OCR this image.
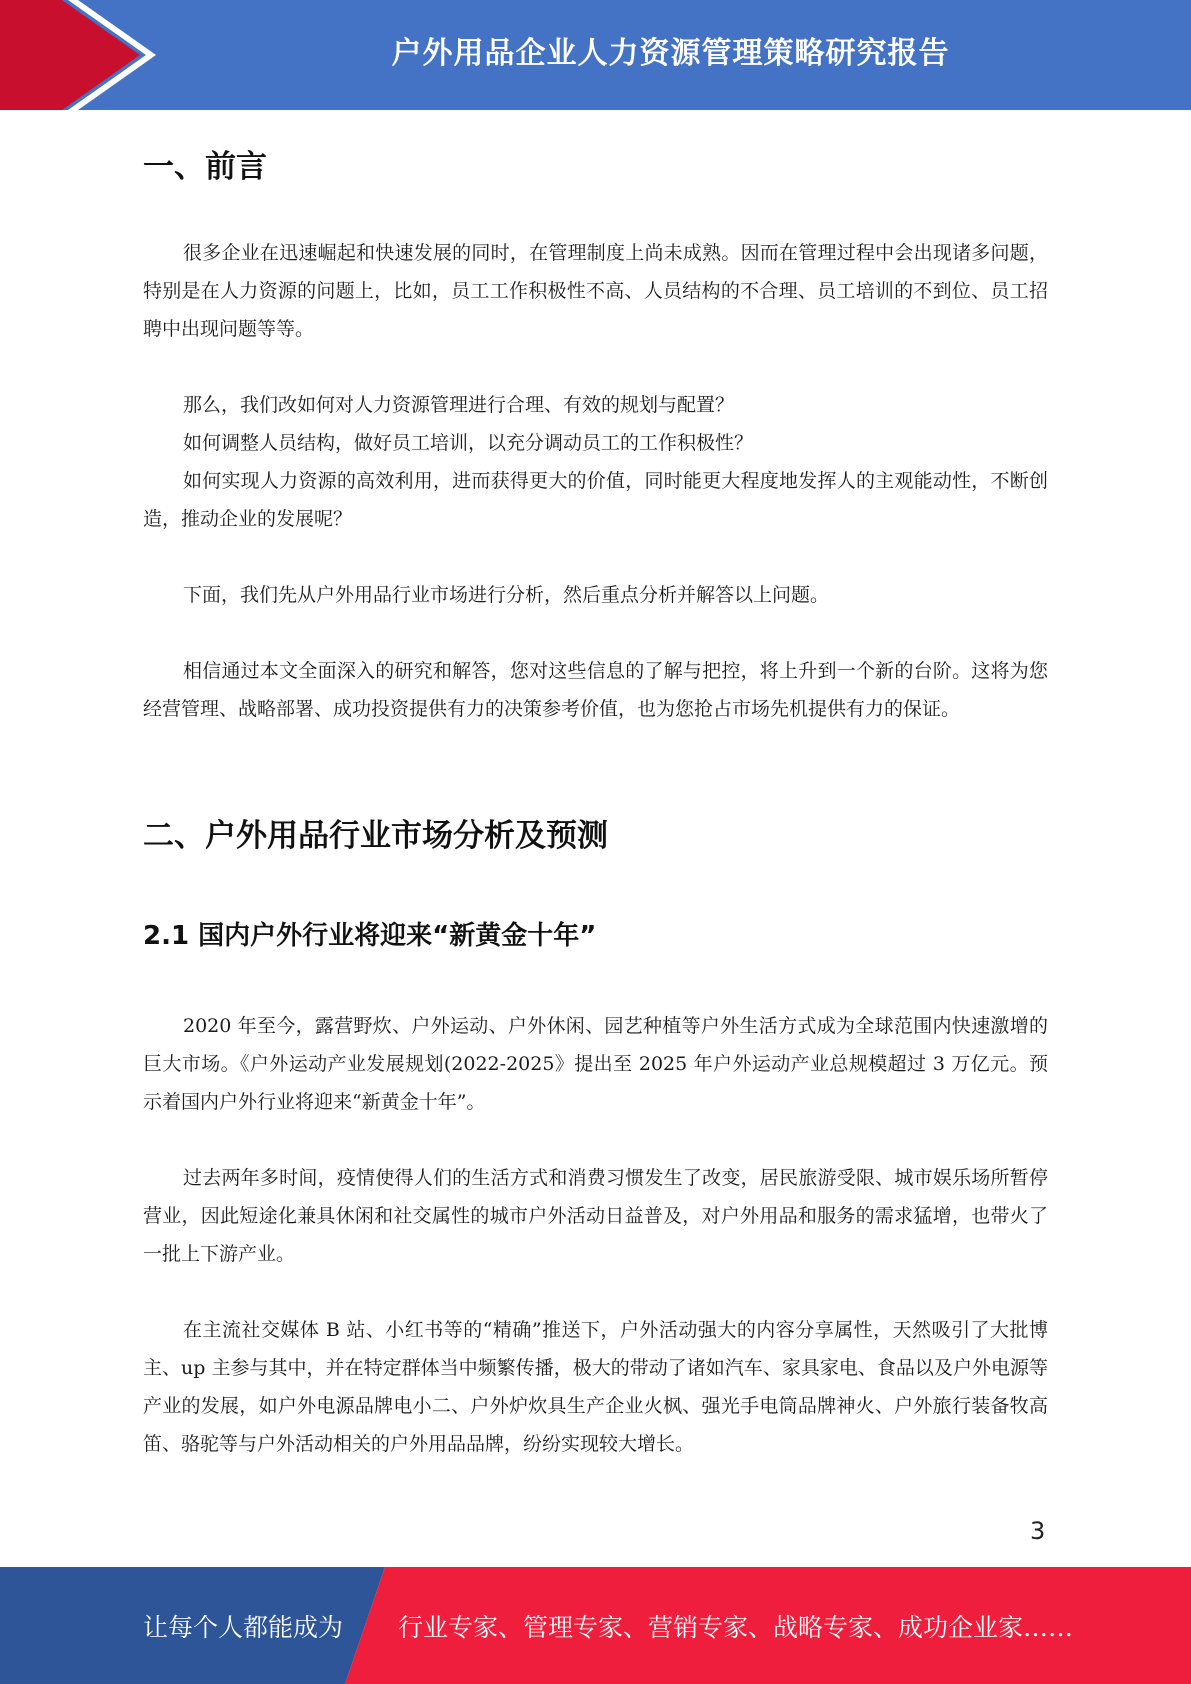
户外用品企业人力资源管理策略研究报告
一、前言

很多企业在迅速崛起和快速发展的同时，在管理制度上尚未成熟。因而在管理过程中会出现诸多问题，特别是在人力资源的问题上，比如，员工工作积极性不高、人员结构的不合理、员工培训的不到位、员工招聘中出现问题等等。

那么，我们改如何对人力资源管理进行合理、有效的规划与配置？

如何调整人员结构，做好员工培训，以充分调动员工的工作积极性？

如何实现人力资源的高效利用，进而获得更大的价值，同时能更大程度地发挥人的主观能动性，不断创造，推动企业的发展呢？

下面，我们先从户外用品行业市场进行分析，然后重点分析并解答以上问题。

相信通过本文全面深入的研究和解答，您对这些信息的了解与把控，将上升到一个新的台阶。这将为您经营管理、战略部署、成功投资提供有力的决策参考价值，也为您抢占市场先机提供有力的保证。

二、户外用品行业市场分析及预测
2.1 国内户外行业将迎来“新黄金十年”

2020 年至今，露营野炊、户外运动、户外休闲、园艺种植等户外生活方式成为全球范围内快速激增的巨大市场。《户外运动产业发展规划(2022-2025》提出至 2025 年户外运动产业总规模超过 3 万亿元。预示着国内户外行业将迎来“新黄金十年”。

过去两年多时间，疫情使得人们的生活方式和消费习惯发生了改变，居民旅游受限、城市娱乐场所暂停营业，因此短途化兼具休闲和社交属性的城市户外活动日益普及，对户外用品和服务的需求猛增，也带火了一批上下游产业。

在主流社交媒体 B 站、小红书等的“精确”推送下，户外活动强大的内容分享属性，天然吸引了大批博主、up 主参与其中，并在特定群体当中频繁传播，极大的带动了诸如汽车、家具家电、食品以及户外电源等产业的发展，如户外电源品牌电小二、户外炉炊具生产企业火枫、强光手电筒品牌神火、户外旅行装备牧高笛、骆驼等与户外活动相关的户外用品品牌，纷纷实现较大增长。

3
让每个人都能成为 行业专家、管理专家、营销专家、战略专家、成功企业家……
